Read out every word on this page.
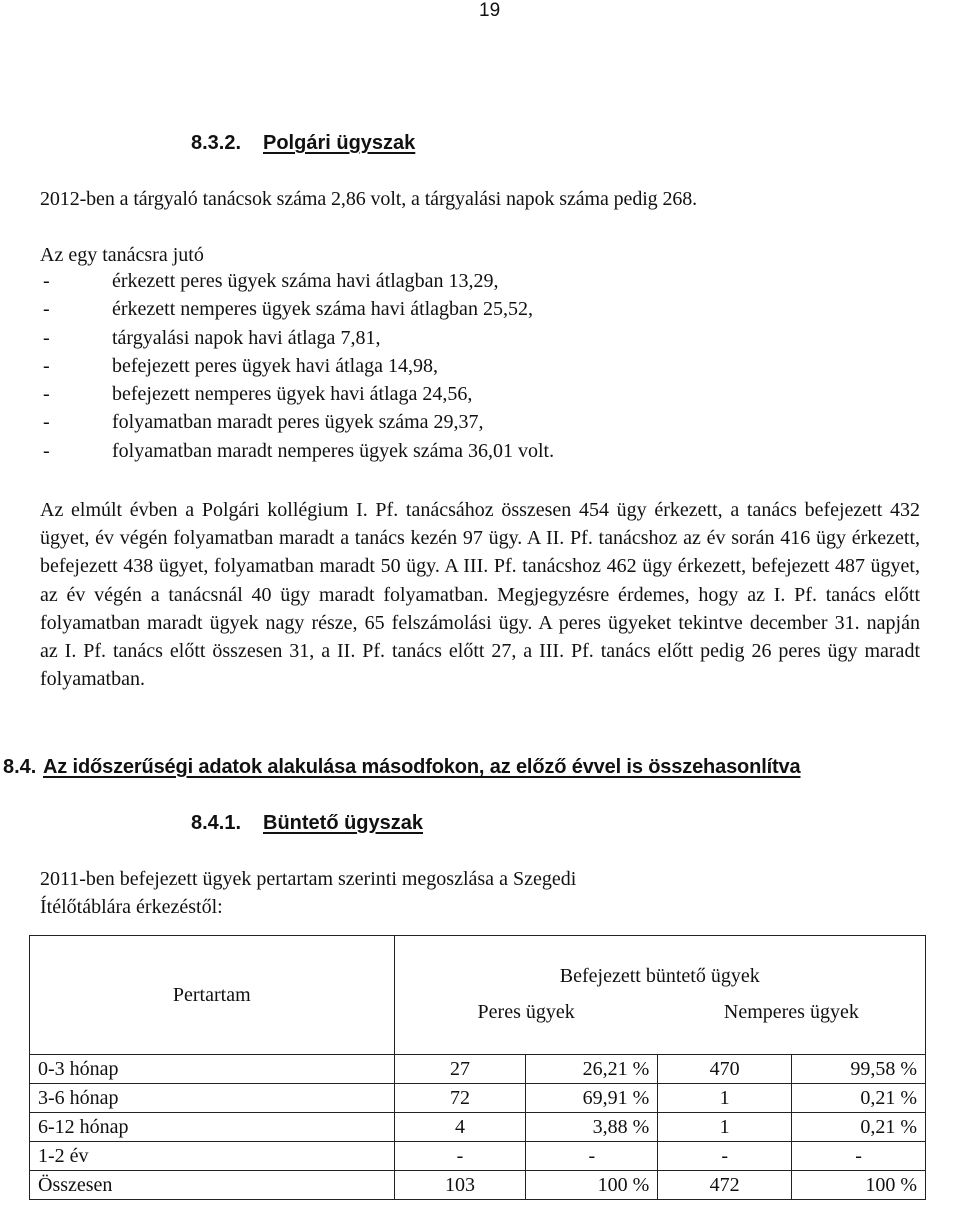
19
8.3.2. Polgári ügyszak
2012-ben a tárgyaló tanácsok száma 2,86 volt, a tárgyalási napok száma pedig 268.
Az egy tanácsra jutó
-	érkezett peres ügyek száma havi átlagban 13,29,
-	érkezett nemperes ügyek száma havi átlagban 25,52,
-	tárgyalási napok havi átlaga 7,81,
-	befejezett peres ügyek havi átlaga 14,98,
-	befejezett nemperes ügyek havi átlaga 24,56,
-	folyamatban maradt peres ügyek száma 29,37,
-	folyamatban maradt nemperes ügyek száma 36,01 volt.
Az elmúlt évben a Polgári kollégium I. Pf. tanácsához összesen 454 ügy érkezett, a tanács befejezett 432 ügyet, év végén folyamatban maradt a tanács kezén 97 ügy. A II. Pf. tanácshoz az év során 416 ügy érkezett, befejezett 438 ügyet, folyamatban maradt 50 ügy. A III. Pf. tanácshoz 462 ügy érkezett, befejezett 487 ügyet, az év végén a tanácsnál 40 ügy maradt folyamatban. Megjegyzésre érdemes, hogy az I. Pf. tanács előtt folyamatban maradt ügyek nagy része, 65 felszámolási ügy. A peres ügyeket tekintve december 31. napján az I. Pf. tanács előtt összesen 31, a II. Pf. tanács előtt 27, a III. Pf. tanács előtt pedig 26 peres ügy maradt folyamatban.
8.4. Az időszerűségi adatok alakulása másodfokon, az előző évvel is összehasonlítva
8.4.1. Büntető ügyszak
2011-ben befejezett ügyek pertartam szerinti megoszlása a Szegedi
Ítélőtáblára érkezéstől:
Pertartam	Befejezett büntető ügyek			
	Peres ügyek		Nemperes ügyek	
0-3 hónap	27	26,21 %	470	99,58 %
3-6 hónap	72	69,91 %	1	0,21 %
6-12 hónap	4	3,88 %	1	0,21 %
1-2 év	-	-	-	-
Összesen	103	100 %	472	100 %
